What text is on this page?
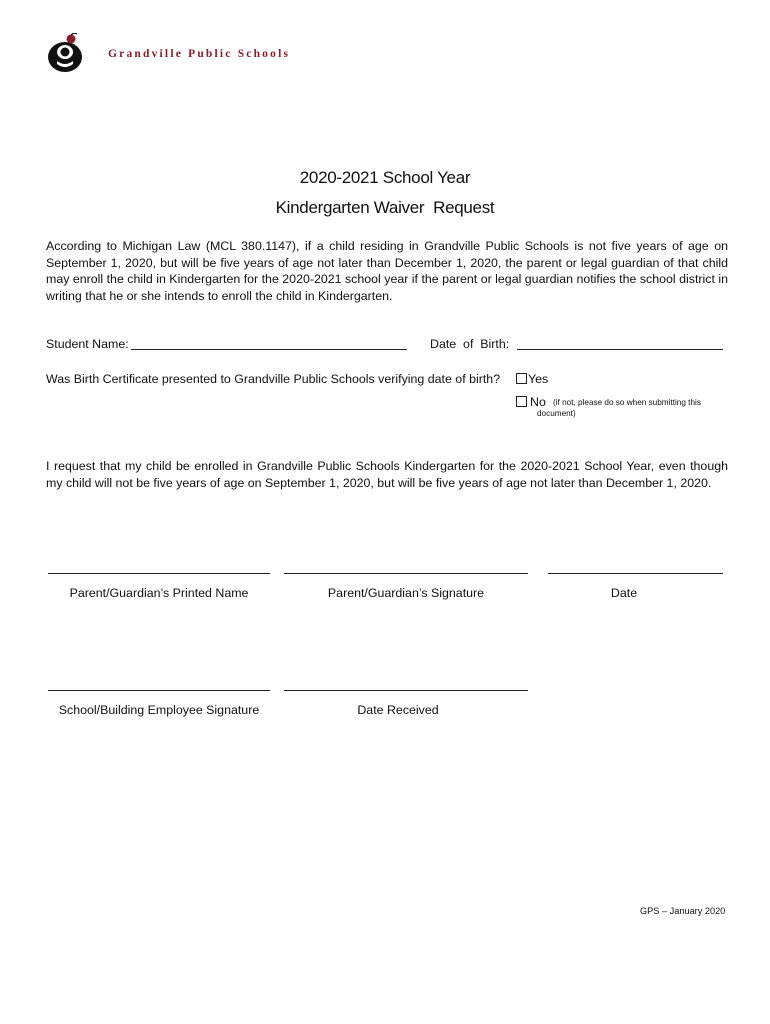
Grandville Public Schools
2020-2021 School Year
Kindergarten Waiver  Request
According to Michigan Law (MCL 380.1147), if a child residing in Grandville Public Schools is not five years of age on September 1, 2020, but will be five years of age not later than December 1, 2020, the parent or legal guardian of that child may enroll the child in Kindergarten for the 2020-2021 school year if the parent or legal guardian notifies the school district in writing that he or she intends to enroll the child in Kindergarten.
Student Name:	Date  of  Birth:
Was Birth Certificate presented to Grandville Public Schools verifying date of birth? Yes
No (if not, please do so when submitting this
document)
I request that my child be enrolled in Grandville Public Schools Kindergarten for the 2020-2021 School Year, even though my child will not be five years of age on September 1, 2020, but will be five years of age not later than December 1, 2020.
Parent/Guardian’s Printed Name	Parent/Guardian’s Signature	Date
School/Building Employee Signature	Date Received
GPS – January 2020
